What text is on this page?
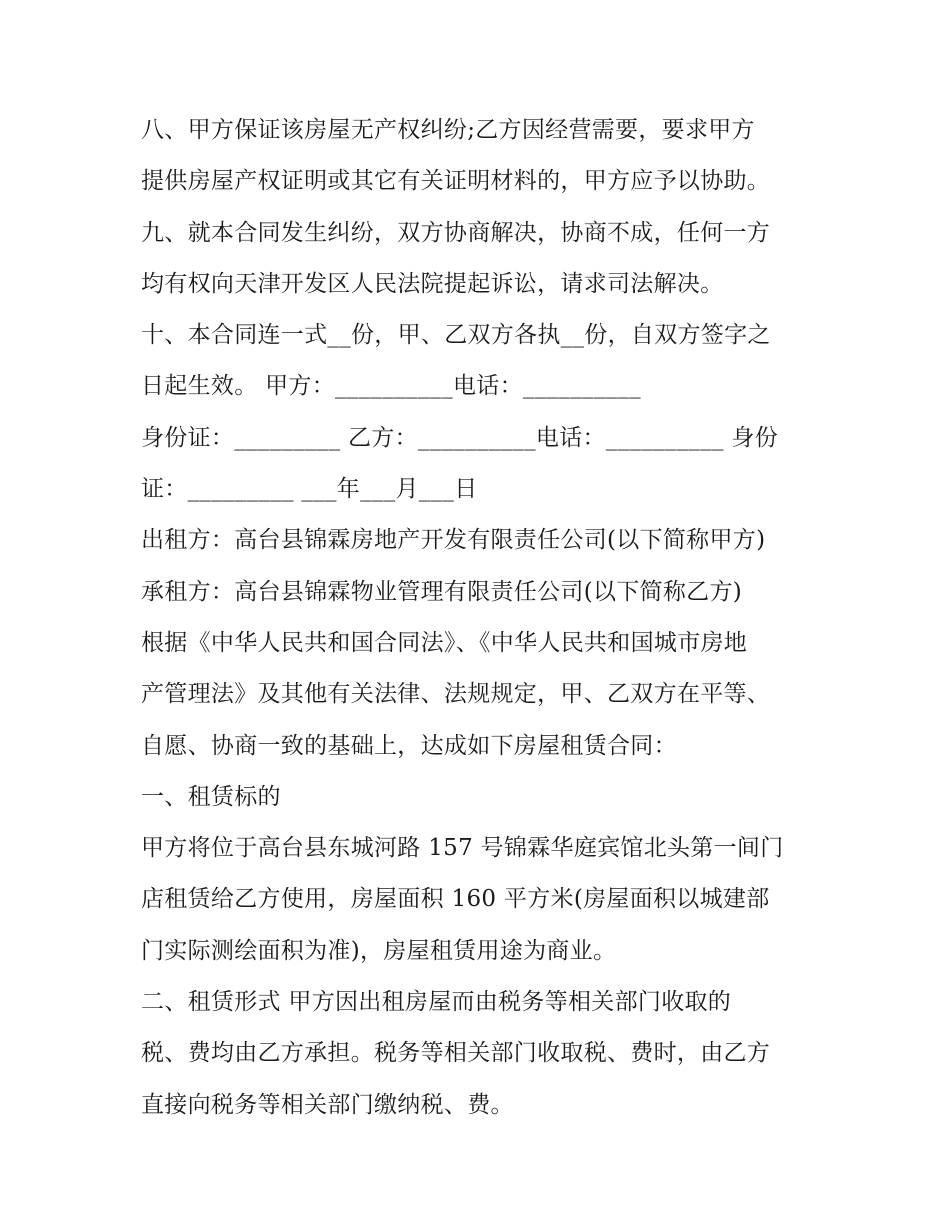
八、甲方保证该房屋无产权纠纷;乙方因经营需要，要求甲方
提供房屋产权证明或其它有关证明材料的，甲方应予以协助。
九、就本合同发生纠纷，双方协商解决，协商不成，任何一方
均有权向天津开发区人民法院提起诉讼，请求司法解决。
十、本合同连一式__份，甲、乙双方各执__份，自双方签字之
日起生效。 甲方：__________电话：__________
身份证：_________ 乙方：__________电话：__________ 身份
证：_________ ___年___月___日
出租方：高台县锦霖房地产开发有限责任公司(以下简称甲方)
承租方：高台县锦霖物业管理有限责任公司(以下简称乙方)
根据《中华人民共和国合同法》、《中华人民共和国城市房地
产管理法》及其他有关法律、法规规定，甲、乙双方在平等、
自愿、协商一致的基础上，达成如下房屋租赁合同：
一、租赁标的
甲方将位于高台县东城河路 157 号锦霖华庭宾馆北头第一间门
店租赁给乙方使用，房屋面积 160 平方米(房屋面积以城建部
门实际测绘面积为准)，房屋租赁用途为商业。
二、租赁形式 甲方因出租房屋而由税务等相关部门收取的
税、费均由乙方承担。税务等相关部门收取税、费时，由乙方
直接向税务等相关部门缴纳税、费。
